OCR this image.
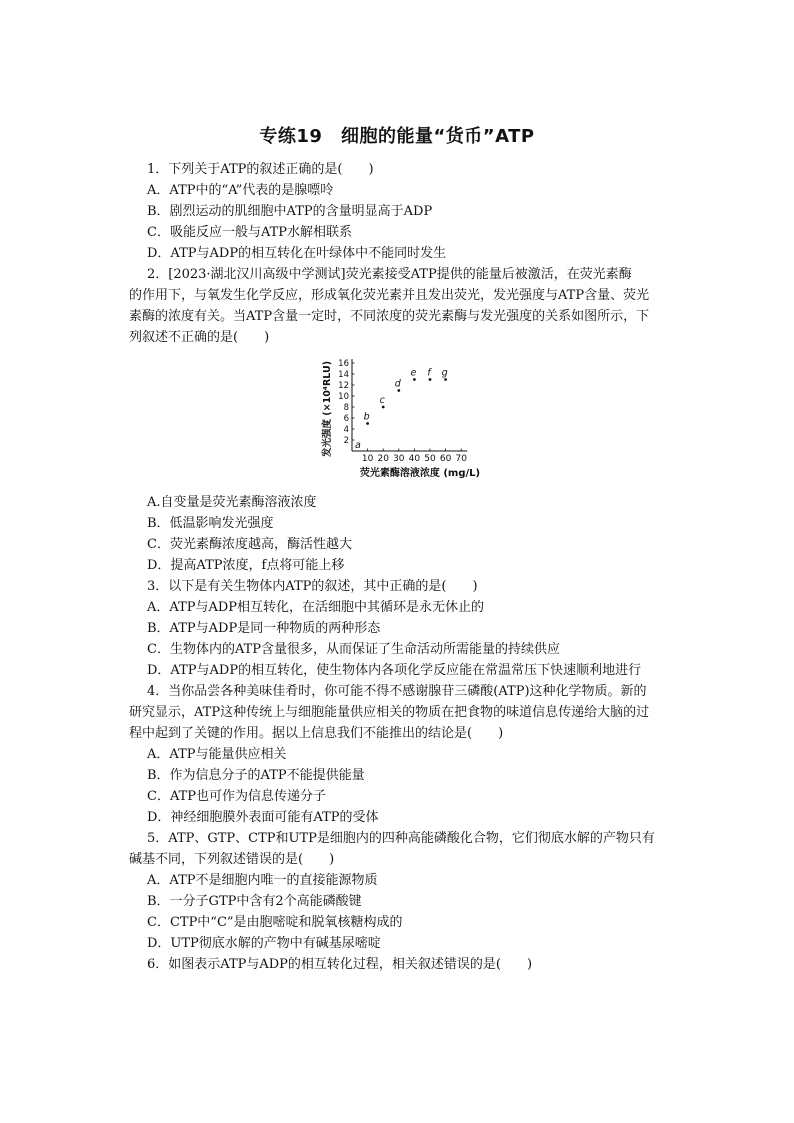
专练19　细胞的能量“货币”ATP
1．下列关于ATP的叙述正确的是(　　)
A．ATP中的“A”代表的是腺嘌呤
B．剧烈运动的肌细胞中ATP的含量明显高于ADP
C．吸能反应一般与ATP水解相联系
D．ATP与ADP的相互转化在叶绿体中不能同时发生
2．[2023·湖北汉川高级中学测试]荧光素接受ATP提供的能量后被激活，在荧光素酶
的作用下，与氧发生化学反应，形成氧化荧光素并且发出荧光，发光强度与ATP含量、荧光
素酶的浓度有关。当ATP含量一定时，不同浓度的荧光素酶与发光强度的关系如图所示，下
列叙述不正确的是(　　)
10 20 30 40 50 60 70
2
4
6
8
10
12
14
16
荧光素酶溶液浓度 (mg/L)
发光强度 (×10⁴RLU) a
b
c
d
e f g
A.自变量是荧光素酶溶液浓度
B．低温影响发光强度
C．荧光素酶浓度越高，酶活性越大
D．提高ATP浓度，f点将可能上移
3．以下是有关生物体内ATP的叙述，其中正确的是(　　)
A．ATP与ADP相互转化，在活细胞中其循环是永无休止的
B．ATP与ADP是同一种物质的两种形态
C．生物体内的ATP含量很多，从而保证了生命活动所需能量的持续供应
D．ATP与ADP的相互转化，使生物体内各项化学反应能在常温常压下快速顺利地进行
4．当你品尝各种美味佳肴时，你可能不得不感谢腺苷三磷酸(ATP)这种化学物质。新的
研究显示，ATP这种传统上与细胞能量供应相关的物质在把食物的味道信息传递给大脑的过
程中起到了关键的作用。据以上信息我们不能推出的结论是(　　)
A．ATP与能量供应相关
B．作为信息分子的ATP不能提供能量
C．ATP也可作为信息传递分子
D．神经细胞膜外表面可能有ATP的受体
5．ATP、GTP、CTP和UTP是细胞内的四种高能磷酸化合物，它们彻底水解的产物只有
碱基不同，下列叙述错误的是(　　)
A．ATP不是细胞内唯一的直接能源物质
B．一分子GTP中含有2个高能磷酸键
C．CTP中“C”是由胞嘧啶和脱氧核糖构成的
D．UTP彻底水解的产物中有碱基尿嘧啶
6．如图表示ATP与ADP的相互转化过程，相关叙述错误的是(　　)
